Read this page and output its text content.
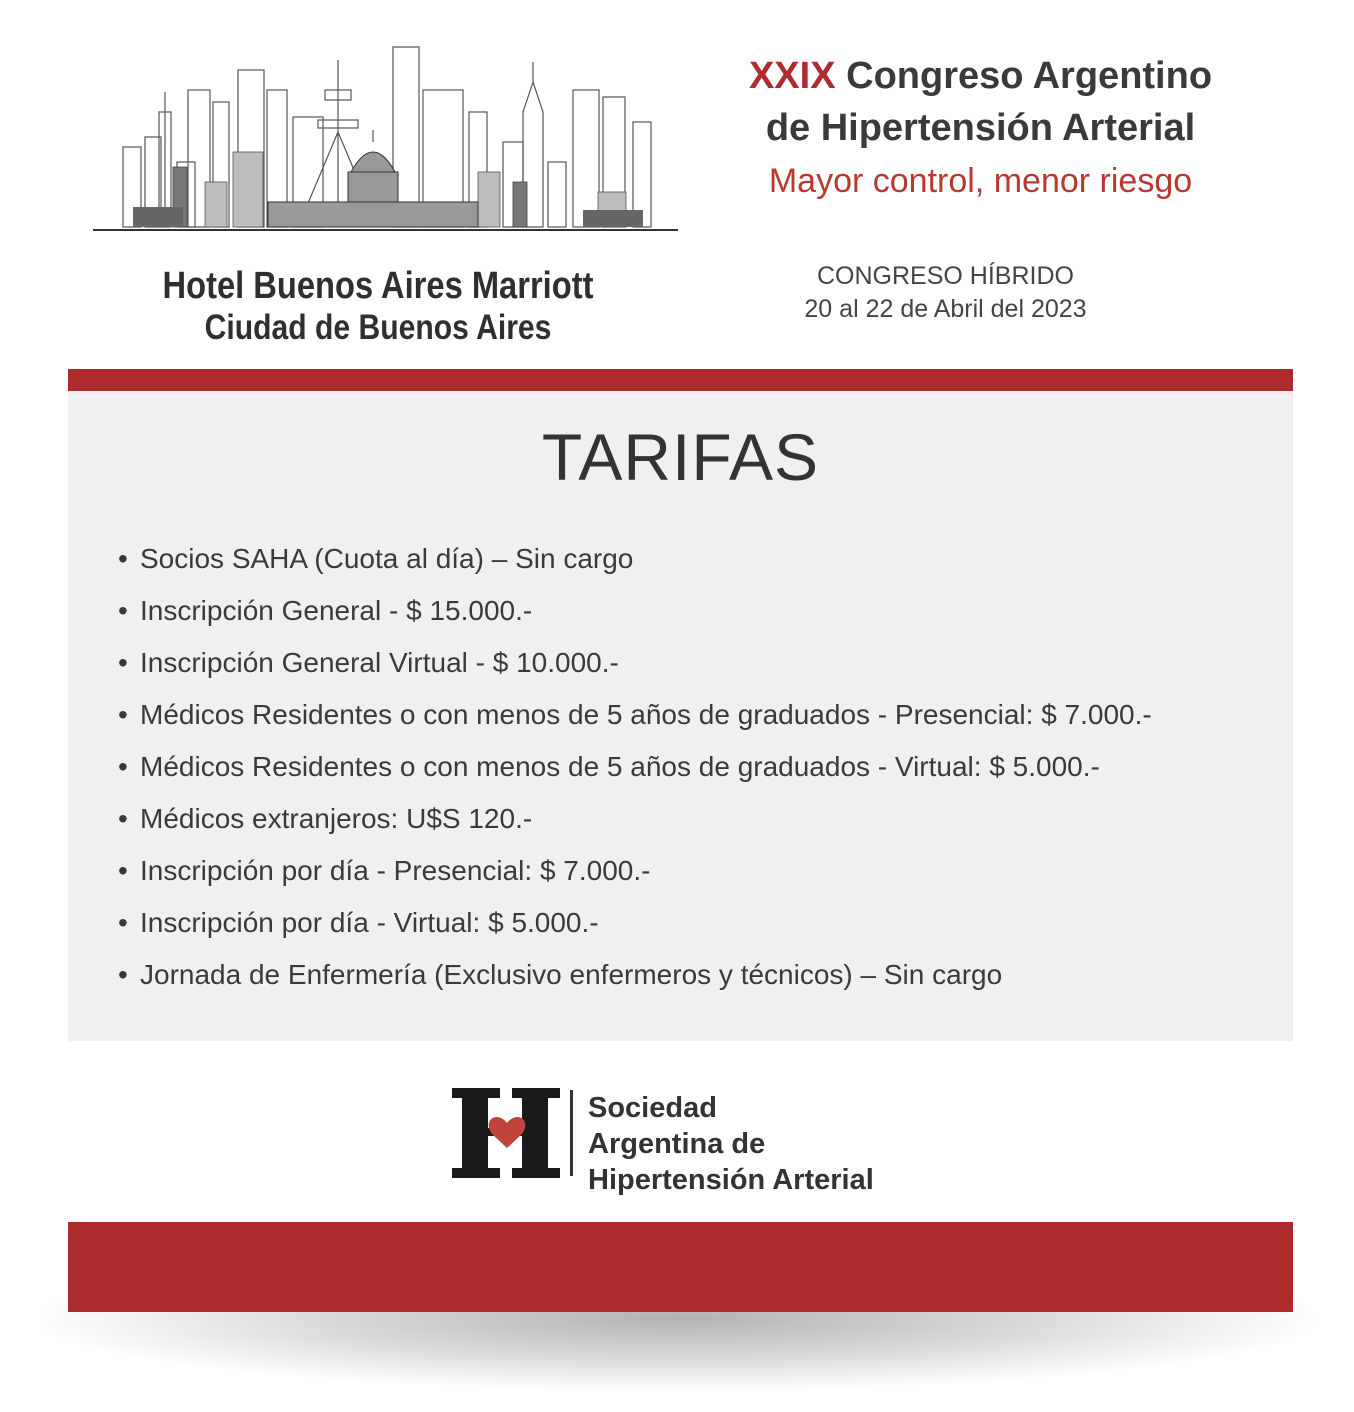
Hotel Buenos Aires Marriott
Ciudad de Buenos Aires
XXIX Congreso Argentino
de Hipertensión Arterial
Mayor control, menor riesgo
CONGRESO HÍBRIDO
20 al 22 de Abril del 2023
TARIFAS
• Socios SAHA (Cuota al día) – Sin cargo
• Inscripción General - $ 15.000.-
• Inscripción General Virtual - $ 10.000.-
• Médicos Residentes o con menos de 5 años de graduados - Presencial: $ 7.000.-
• Médicos Residentes o con menos de 5 años de graduados - Virtual: $ 5.000.-
• Médicos extranjeros: U$S 120.-
• Inscripción por día - Presencial: $ 7.000.-
• Inscripción por día - Virtual: $ 5.000.-
• Jornada de Enfermería (Exclusivo enfermeros y técnicos) – Sin cargo
Sociedad
Argentina de
Hipertensión Arterial
